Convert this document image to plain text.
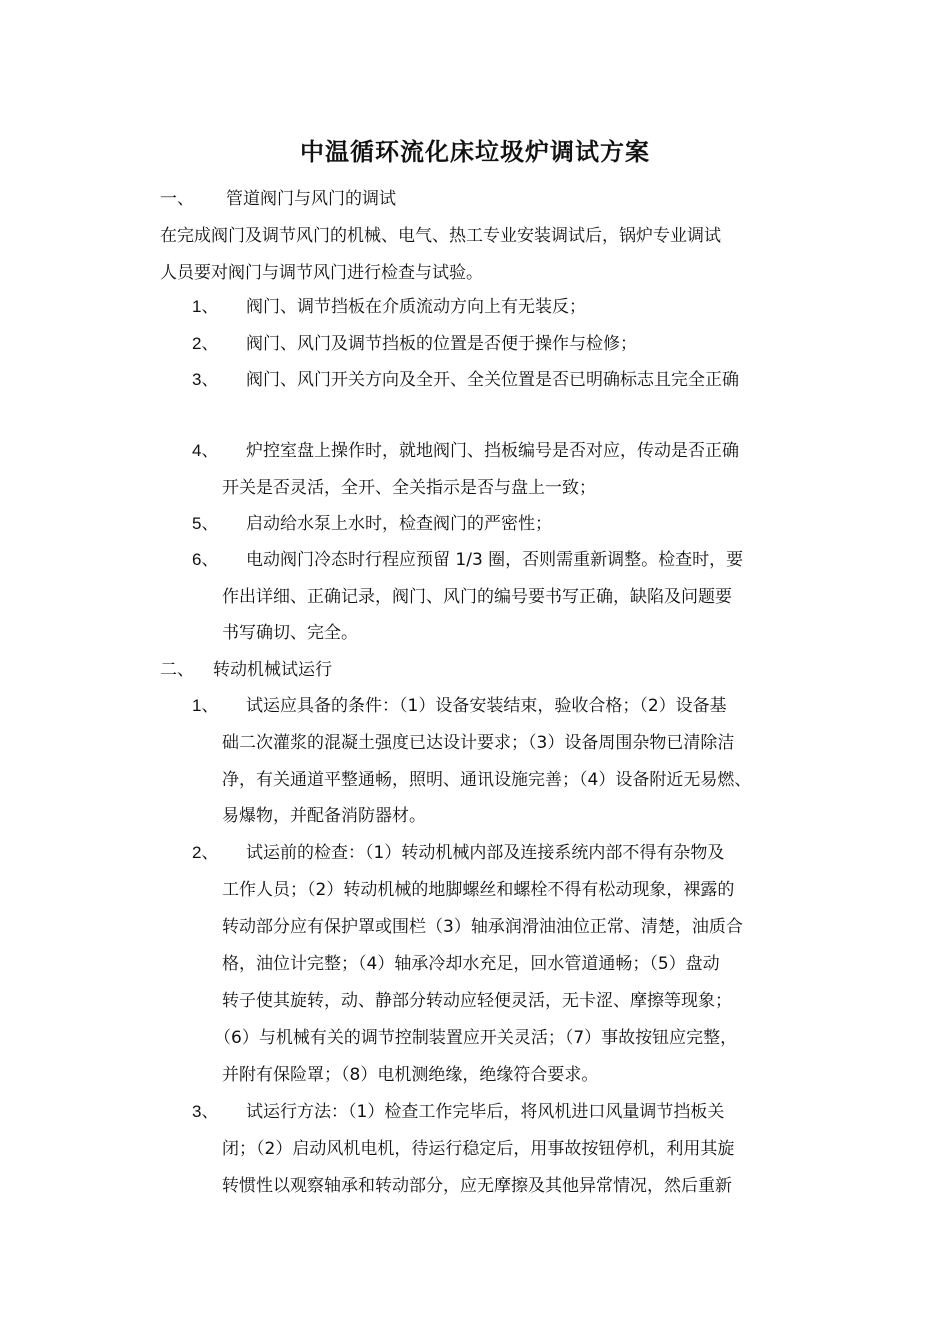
中温循环流化床垃圾炉调试方案
一、 管道阀门与风门的调试
在完成阀门及调节风门的机械、电气、热工专业安装调试后，锅炉专业调试
人员要对阀门与调节风门进行检查与试验。
1、 阀门、调节挡板在介质流动方向上有无装反；
2、 阀门、风门及调节挡板的位置是否便于操作与检修；
3、 阀门、风门开关方向及全开、全关位置是否已明确标志且完全正确
4、 炉控室盘上操作时，就地阀门、挡板编号是否对应，传动是否正确
开关是否灵活，全开、全关指示是否与盘上一致；
5、 启动给水泵上水时，检查阀门的严密性；
6、 电动阀门冷态时行程应预留 1/3 圈，否则需重新调整。检查时，要
作出详细、正确记录，阀门、风门的编号要书写正确，缺陷及问题要
书写确切、完全。
二、 转动机械试运行
1、 试运应具备的条件：（1）设备安装结束，验收合格；（2）设备基
础二次灌浆的混凝土强度已达设计要求；（3）设备周围杂物已清除洁
净，有关通道平整通畅，照明、通讯设施完善；（4）设备附近无易燃、
易爆物，并配备消防器材。
2、 试运前的检查：（1）转动机械内部及连接系统内部不得有杂物及
工作人员；（2）转动机械的地脚螺丝和螺栓不得有松动现象，裸露的
转动部分应有保护罩或围栏（3）轴承润滑油油位正常、清楚，油质合
格，油位计完整；（4）轴承冷却水充足，回水管道通畅；（5）盘动
转子使其旋转，动、静部分转动应轻便灵活，无卡涩、摩擦等现象；
（6）与机械有关的调节控制装置应开关灵活；（7）事故按钮应完整，
并附有保险罩；（8）电机测绝缘，绝缘符合要求。
3、 试运行方法：（1）检查工作完毕后，将风机进口风量调节挡板关
闭；（2）启动风机电机，待运行稳定后，用事故按钮停机，利用其旋
转惯性以观察轴承和转动部分，应无摩擦及其他异常情况，然后重新
